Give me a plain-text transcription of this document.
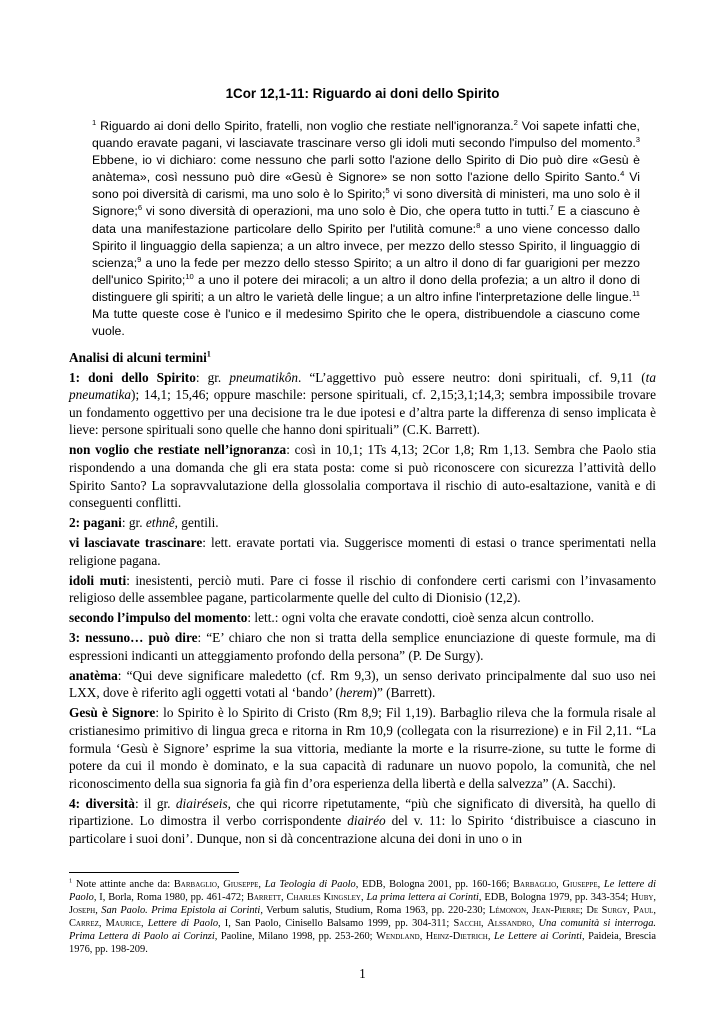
1Cor 12,1-11: Riguardo ai doni dello Spirito

$^1$ Riguardo ai doni dello Spirito, fratelli, non voglio che restiate nell'ignoranza.$^2$ Voi sapete infatti che, quando eravate pagani, vi lasciavate trascinare verso gli idoli muti secondo l'impulso del momento.$^3$ Ebbene, io vi dichiaro: come nessuno che parli sotto l'azione dello Spirito di Dio può dire «Gesù è anàtema», così nessuno può dire «Gesù è Signore» se non sotto l'azione dello Spirito Santo.$^4$ Vi sono poi diversità di carismi, ma uno solo è lo Spirito;$^5$ vi sono diversità di ministeri, ma uno solo è il Signore;$^6$ vi sono diversità di operazioni, ma uno solo è Dio, che opera tutto in tutti.$^7$ E a ciascuno è data una manifestazione particolare dello Spirito per l'utilità comune:$^8$ a uno viene concesso dallo Spirito il linguaggio della sapienza; a un altro invece, per mezzo dello stesso Spirito, il linguaggio di scienza;$^9$ a uno la fede per mezzo dello stesso Spirito; a un altro il dono di far guarigioni per mezzo dell'unico Spirito;$^{10}$ a uno il potere dei miracoli; a un altro il dono della profezia; a un altro il dono di distinguere gli spiriti; a un altro le varietà delle lingue; a un altro infine l'interpretazione delle lingue.$^{11}$ Ma tutte queste cose è l'unico e il medesimo Spirito che le opera, distribuendole a ciascuno come vuole.

Analisi di alcuni termini$^1$

1: doni dello Spirito: gr. pneumatikôn. “L’aggettivo può essere neutro: doni spirituali, cf. 9,11 (ta pneumatika); 14,1; 15,46; oppure maschile: persone spirituali, cf. 2,15;3,1;14,3; sembra impossibile trovare un fondamento oggettivo per una decisione tra le due ipotesi e d’altra parte la differenza di senso implicata è lieve: persone spirituali sono quelle che hanno doni spirituali” (C.K. Barrett).

non voglio che restiate nell’ignoranza: così in 10,1; 1Ts 4,13; 2Cor 1,8; Rm 1,13. Sembra che Paolo stia rispondendo a una domanda che gli era stata posta: come si può riconoscere con sicurezza l’attività dello Spirito Santo? La sopravvalutazione della glossolalia comportava il rischio di auto-esaltazione, vanità e di conseguenti conflitti.

2: pagani: gr. ethnê, gentili.

vi lasciavate trascinare: lett. eravate portati via. Suggerisce momenti di estasi o trance sperimentati nella religione pagana.

idoli muti: inesistenti, perciò muti. Pare ci fosse il rischio di confondere certi carismi con l’invasamento religioso delle assemblee pagane, particolarmente quelle del culto di Dionisio (12,2).

secondo l’impulso del momento: lett.: ogni volta che eravate condotti, cioè senza alcun controllo.

3: nessuno… può dire: “E’ chiaro che non si tratta della semplice enunciazione di queste formule, ma di espressioni indicanti un atteggiamento profondo della persona” (P. De Surgy).

anatèma: “Qui deve significare maledetto (cf. Rm 9,3), un senso derivato principalmente dal suo uso nei LXX, dove è riferito agli oggetti votati al ‘bando’ (herem)” (Barrett).

Gesù è Signore: lo Spirito è lo Spirito di Cristo (Rm 8,9; Fil 1,19). Barbaglio rileva che la formula risale al cristianesimo primitivo di lingua greca e ritorna in Rm 10,9 (collegata con la risurrezione) e in Fil 2,11. “La formula ‘Gesù è Signore’ esprime la sua vittoria, mediante la morte e la risurre-zione, su tutte le forme di potere da cui il mondo è dominato, e la sua capacità di radunare un nuovo popolo, la comunità, che nel riconoscimento della sua signoria fa già fin d’ora esperienza della libertà e della salvezza” (A. Sacchi).

4: diversità: il gr. diairéseis, che qui ricorre ripetutamente, “più che significato di diversità, ha quello di ripartizione. Lo dimostra il verbo corrispondente diairéo del v. 11: lo Spirito ‘distribuisce a ciascuno in particolare i suoi doni’. Dunque, non si dà concentrazione alcuna dei doni in uno o in

$^1$ Note attinte anche da: Barbaglio, Giuseppe, La Teologia di Paolo, EDB, Bologna 2001, pp. 160-166; Barbaglio, Giuseppe, Le lettere di Paolo, I, Borla, Roma 1980, pp. 461-472; Barrett, Charles Kingsley, La prima lettera ai Corinti, EDB, Bologna 1979, pp. 343-354; Huby, Joseph, San Paolo. Prima Epistola ai Corinti, Verbum salutis, Studium, Roma 1963, pp. 220-230; Lémonon, Jean-Pierre; De Surgy, Paul, Carrez, Maurice, Lettere di Paolo, I, San Paolo, Cinisello Balsamo 1999, pp. 304-311; Sacchi, Alssandro, Una comunità si interroga. Prima Lettera di Paolo ai Corinzi, Paoline, Milano 1998, pp. 253-260; Wendland, Heinz-Dietrich, Le Lettere ai Corinti, Paideia, Brescia 1976, pp. 198-209.

1
